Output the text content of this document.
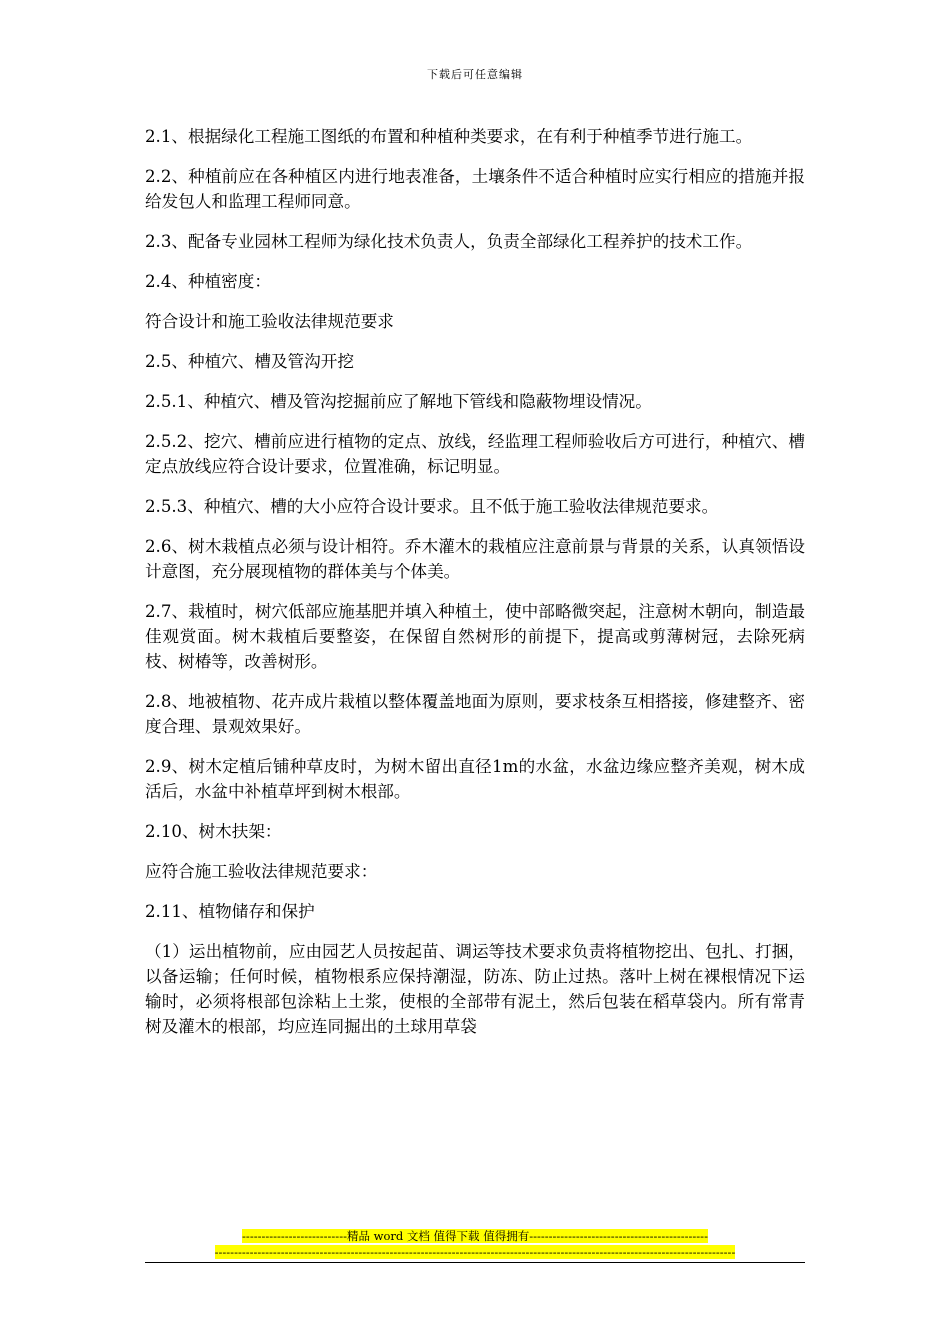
下载后可任意编辑

2.1、根据绿化工程施工图纸的布置和种植种类要求，在有利于种植季节进行施工。

2.2、种植前应在各种植区内进行地表准备，土壤条件不适合种植时应实行相应的措施并报给发包人和监理工程师同意。

2.3、配备专业园林工程师为绿化技术负责人，负责全部绿化工程养护的技术工作。

2.4、种植密度：

符合设计和施工验收法律规范要求

2.5、种植穴、槽及管沟开挖

2.5.1、种植穴、槽及管沟挖掘前应了解地下管线和隐蔽物埋设情况。

2.5.2、挖穴、槽前应进行植物的定点、放线，经监理工程师验收后方可进行，种植穴、槽定点放线应符合设计要求，位置准确，标记明显。

2.5.3、种植穴、槽的大小应符合设计要求。且不低于施工验收法律规范要求。

2.6、树木栽植点必须与设计相符。乔木灌木的栽植应注意前景与背景的关系，认真领悟设计意图，充分展现植物的群体美与个体美。

2.7、栽植时，树穴低部应施基肥并填入种植土，使中部略微突起，注意树木朝向，制造最佳观赏面。树木栽植后要整姿，在保留自然树形的前提下，提高或剪薄树冠，去除死病枝、树椿等，改善树形。

2.8、地被植物、花卉成片栽植以整体覆盖地面为原则，要求枝条互相搭接，修建整齐、密度合理、景观效果好。

2.9、树木定植后铺种草皮时，为树木留出直径1m的水盆，水盆边缘应整齐美观，树木成活后，水盆中补植草坪到树木根部。

2.10、树木扶架：

应符合施工验收法律规范要求：

2.11、植物储存和保护

（1）运出植物前，应由园艺人员按起苗、调运等技术要求负责将植物挖出、包扎、打捆，以备运输；任何时候，植物根系应保持潮湿，防冻、防止过热。落叶上树在裸根情况下运输时，必须将根部包涂粘上土浆，使根的全部带有泥土，然后包装在稻草袋内。所有常青树及灌木的根部，均应连同掘出的土球用草袋

---------------------------精品 word 文档 值得下载 值得拥有----------------------------------------------
--------------------------------------------------------------------------------------------------------------------------------------
